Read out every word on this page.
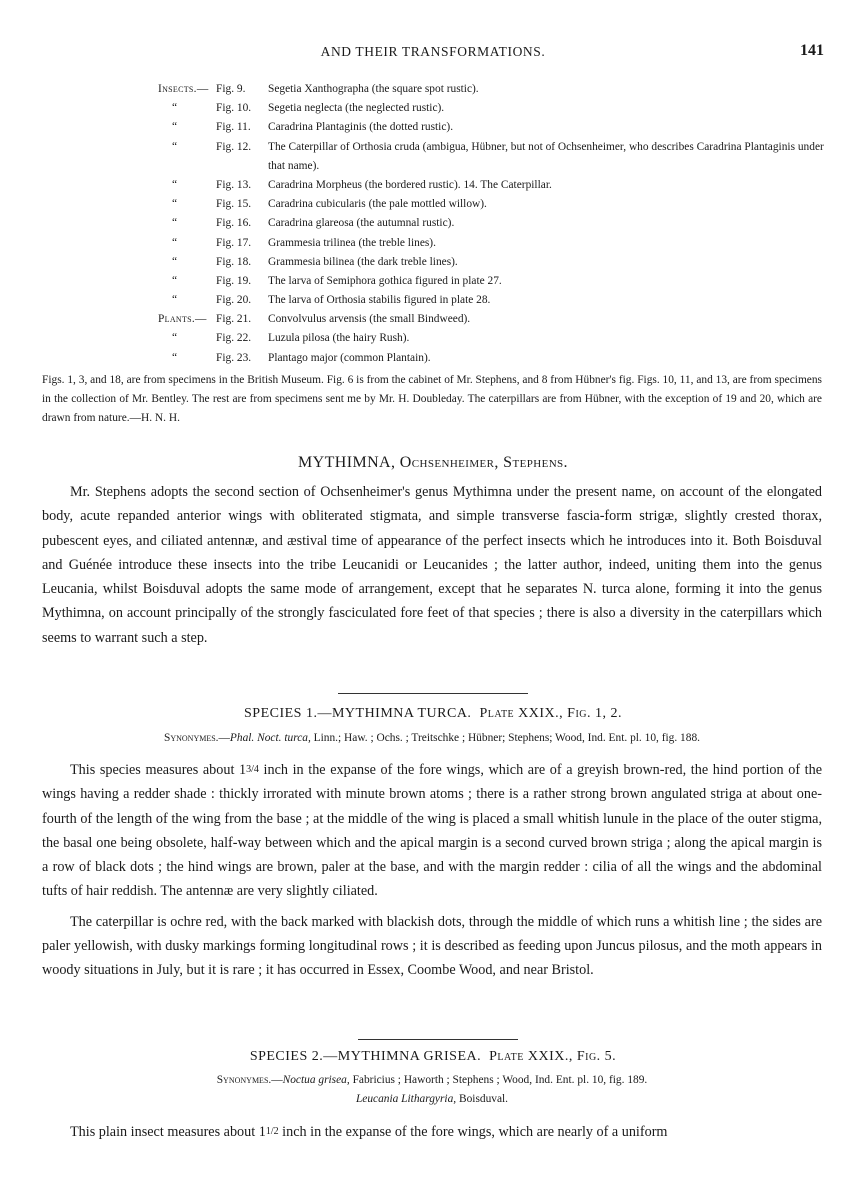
AND THEIR TRANSFORMATIONS.	141
Insects.— Fig. 9. Segetia Xanthographa (the square spot rustic).
“	Fig. 10. Segetia neglecta (the neglected rustic).
“	Fig. 11. Caradrina Plantaginis (the dotted rustic).
“	Fig. 12. The Caterpillar of Orthosia cruda (ambigua, Hübner, but not of Ochsenheimer, who describes Caradrina Plantaginis under that name).
“	Fig. 13. Caradrina Morpheus (the bordered rustic). 14. The Caterpillar.
“	Fig. 15. Caradrina cubicularis (the pale mottled willow).
“	Fig. 16. Caradrina glareosa (the autumnal rustic).
“	Fig. 17. Grammesia trilinea (the treble lines).
“	Fig. 18. Grammesia bilinea (the dark treble lines).
“	Fig. 19. The larva of Semiphora gothica figured in plate 27.
“	Fig. 20. The larva of Orthosia stabilis figured in plate 28.
Plants.— Fig. 21. Convolvulus arvensis (the small Bindweed).
“	Fig. 22. Luzula pilosa (the hairy Rush).
“	Fig. 23. Plantago major (common Plantain).
Figs. 1, 3, and 18, are from specimens in the British Museum. Fig. 6 is from the cabinet of Mr. Stephens, and 8 from Hübner's fig. Figs. 10, 11, and 13, are from specimens in the collection of Mr. Bentley. The rest are from specimens sent me by Mr. H. Doubleday. The caterpillars are from Hübner, with the exception of 19 and 20, which are drawn from nature.—H. N. H.
MYTHIMNA, Ochsenheimer, Stephens.

Mr. Stephens adopts the second section of Ochsenheimer's genus Mythimna under the present name, on account of the elongated body, acute repanded anterior wings with obliterated stigmata, and simple transverse fascia-form strigæ, slightly crested thorax, pubescent eyes, and ciliated antennæ, and æstival time of appearance of the perfect insects which he introduces into it. Both Boisduval and Guénée introduce these insects into the tribe Leucanidi or Leucanides ; the latter author, indeed, uniting them into the genus Leucania, whilst Boisduval adopts the same mode of arrangement, except that he separates N. turca alone, forming it into the genus Mythimna, on account principally of the strongly fasciculated fore feet of that species ; there is also a diversity in the caterpillars which seems to warrant such a step.

SPECIES 1.—MYTHIMNA TURCA. Plate XXIX., Fig. 1, 2.
Synonymes.—Phal. Noct. turca, Linn.; Haw. ; Ochs. ; Treitschke ; Hübner; Stephens; Wood, Ind. Ent. pl. 10, fig. 188.

This species measures about 13/4 inch in the expanse of the fore wings, which are of a greyish brown-red, the hind portion of the wings having a redder shade : thickly irrorated with minute brown atoms ; there is a rather strong brown angulated striga at about one-fourth of the length of the wing from the base ; at the middle of the wing is placed a small whitish lunule in the place of the outer stigma, the basal one being obsolete, half-way between which and the apical margin is a second curved brown striga ; along the apical margin is a row of black dots ; the hind wings are brown, paler at the base, and with the margin redder : cilia of all the wings and the abdominal tufts of hair reddish. The antennæ are very slightly ciliated.

The caterpillar is ochre red, with the back marked with blackish dots, through the middle of which runs a whitish line ; the sides are paler yellowish, with dusky markings forming longitudinal rows ; it is described as feeding upon Juncus pilosus, and the moth appears in woody situations in July, but it is rare ; it has occurred in Essex, Coombe Wood, and near Bristol.

SPECIES 2.—MYTHIMNA GRISEA. Plate XXIX., Fig. 5.
Synonymes.—Noctua grisea, Fabricius ; Haworth ; Stephens ; Wood, Ind. Ent. pl. 10, fig. 189.
Leucania Lithargyria, Boisduval.

This plain insect measures about 11/2 inch in the expanse of the fore wings, which are nearly of a uniform
